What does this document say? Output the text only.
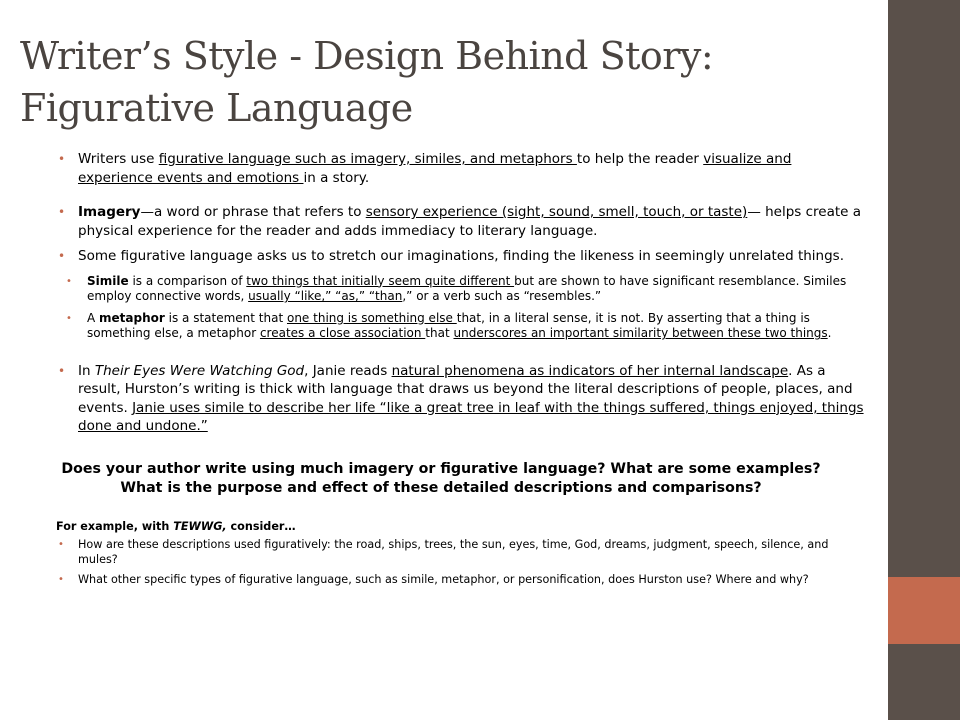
Writer’s Style - Design Behind Story: Figurative Language

• Writers use figurative language such as imagery, similes, and metaphors to help the reader visualize and experience events and emotions in a story.

• Imagery—a word or phrase that refers to sensory experience (sight, sound, smell, touch, or taste)— helps create a physical experience for the reader and adds immediacy to literary language.

• Some figurative language asks us to stretch our imaginations, finding the likeness in seemingly unrelated things.

• Simile is a comparison of two things that initially seem quite different but are shown to have significant resemblance. Similes employ connective words, usually “like,” “as,” “than,” or a verb such as “resembles.”

• A metaphor is a statement that one thing is something else that, in a literal sense, it is not. By asserting that a thing is something else, a metaphor creates a close association that underscores an important similarity between these two things.

• In Their Eyes Were Watching God, Janie reads natural phenomena as indicators of her internal landscape. As a result, Hurston’s writing is thick with language that draws us beyond the literal descriptions of people, places, and events. Janie uses simile to describe her life “like a great tree in leaf with the things suffered, things enjoyed, things done and undone.”

Does your author write using much imagery or figurative language? What are some examples?

What is the purpose and effect of these detailed descriptions and comparisons?

For example, with TEWWG, consider…

• How are these descriptions used figuratively: the road, ships, trees, the sun, eyes, time, God, dreams, judgment, speech, silence, and mules?

• What other specific types of figurative language, such as simile, metaphor, or personification, does Hurston use? Where and why?
